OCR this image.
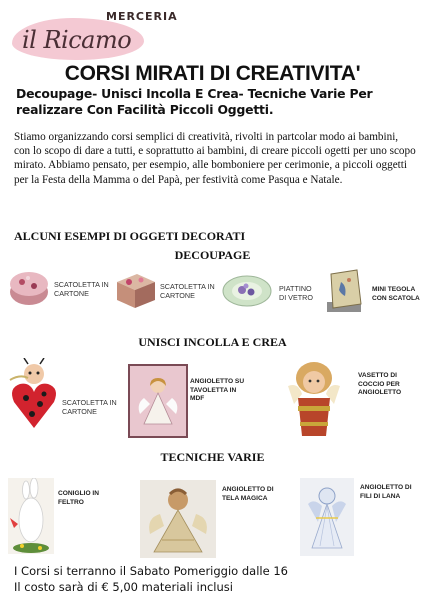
MERCERIA
il Ricamo
CORSI MIRATI DI CREATIVITA'
Decoupage- Unisci Incolla E Crea- Tecniche Varie Per realizzare Con Facilità Piccoli Oggetti.
Stiamo organizzando corsi semplici di creatività, rivolti in partcolar modo ai bambini, con lo scopo di dare a tutti, e soprattutto ai bambini, di creare piccoli ogetti per uno scopo mirato. Abbiamo pensato, per esempio, alle bomboniere per cerimonie, a piccoli oggetti per la Festa della Mamma o del Papà, per festività come Pasqua e Natale.
ALCUNI ESEMPI DI OGGETI DECORATI
DECOUPAGE
SCATOLETTA IN CARTONE
SCATOLETTA IN CARTONE
PIATTINO DI VETRO
MINI TEGOLA CON SCATOLA
UNISCI INCOLLA E CREA
SCATOLETTA IN CARTONE
ANGIOLETTO SU TAVOLETTA IN MDF
VASETTO DI COCCIO PER ANGIOLETTO
TECNICHE VARIE
CONIGLIO IN FELTRO
ANGIOLETTO DI TELA MAGICA
ANGIOLETTO DI FILI DI LANA
I Corsi si terranno il Sabato Pomeriggio dalle 16
Il costo sarà di € 5,00 materiali inclusi
